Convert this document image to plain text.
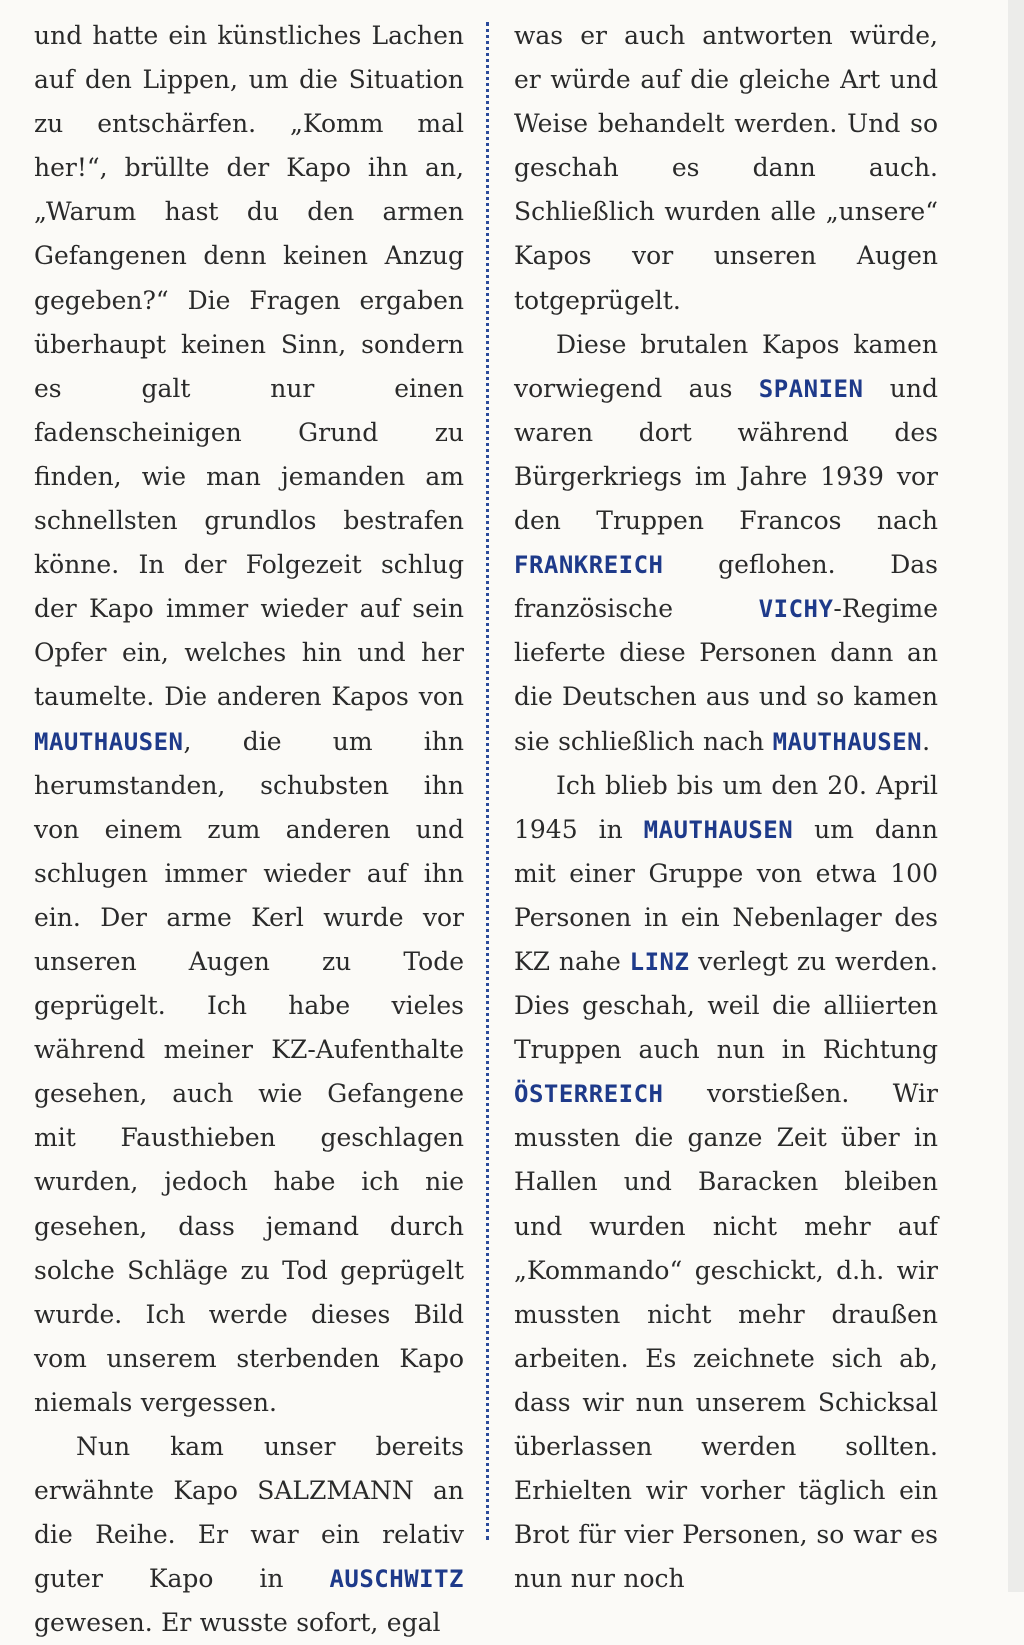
und hatte ein künstliches Lachen auf den Lippen, um die Situation zu entschärfen. „Komm mal her!“, brüllte der Kapo ihn an, „Warum hast du den armen Gefangenen denn keinen Anzug gegeben?“ Die Fragen ergaben überhaupt keinen Sinn, sondern es galt nur einen fadenscheinigen Grund zu finden, wie man jemanden am schnellsten grundlos bestrafen könne. In der Folgezeit schlug der Kapo immer wieder auf sein Opfer ein, welches hin und her taumelte. Die anderen Kapos von MAUTHAUSEN, die um ihn herumstanden, schubsten ihn von einem zum anderen und schlugen immer wieder auf ihn ein. Der arme Kerl wurde vor unseren Augen zu Tode geprügelt. Ich habe vieles während meiner KZ-Aufenthalte gesehen, auch wie Gefangene mit Fausthieben geschlagen wurden, jedoch habe ich nie gesehen, dass jemand durch solche Schläge zu Tod geprügelt wurde. Ich werde dieses Bild vom unserem sterbenden Kapo niemals vergessen.

Nun kam unser bereits erwähnte Kapo SALZMANN an die Reihe. Er war ein relativ guter Kapo in AUSCHWITZ gewesen. Er wusste sofort, egal

was er auch antworten würde, er würde auf die gleiche Art und Weise behandelt werden. Und so geschah es dann auch. Schließlich wurden alle „unsere“ Kapos vor unseren Augen totgeprügelt.

Diese brutalen Kapos kamen vorwiegend aus SPANIEN und waren dort während des Bürgerkriegs im Jahre 1939 vor den Truppen Francos nach FRANKREICH geflohen. Das französische VICHY-Regime lieferte diese Personen dann an die Deutschen aus und so kamen sie schließlich nach MAUTHAUSEN.

Ich blieb bis um den 20. April 1945 in MAUTHAUSEN um dann mit einer Gruppe von etwa 100 Personen in ein Nebenlager des KZ nahe LINZ verlegt zu werden. Dies geschah, weil die alliierten Truppen auch nun in Richtung ÖSTERREICH vorstießen. Wir mussten die ganze Zeit über in Hallen und Baracken bleiben und wurden nicht mehr auf „Kommando“ geschickt, d.h. wir mussten nicht mehr draußen arbeiten. Es zeichnete sich ab, dass wir nun unserem Schicksal überlassen werden sollten. Erhielten wir vorher täglich ein Brot für vier Personen, so war es nun nur noch
